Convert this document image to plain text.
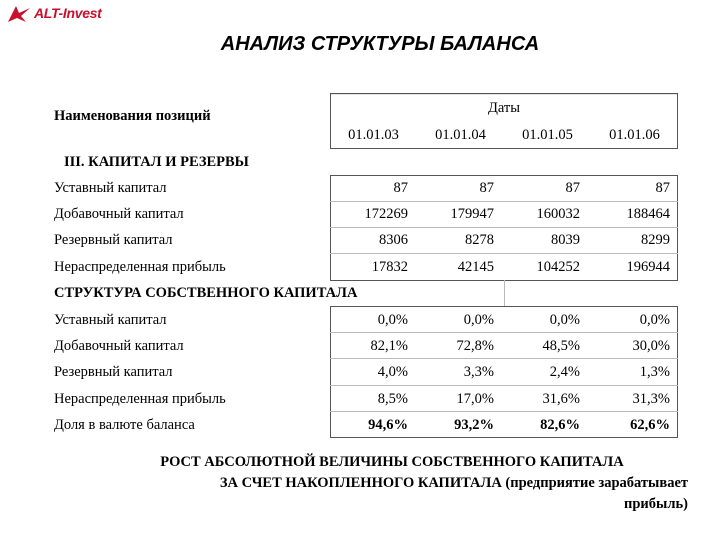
ALT-Invest
АНАЛИЗ СТРУКТУРЫ БАЛАНСА
Наименования позиций	Даты
01.01.03	01.01.04	01.01.05	01.01.06
III. КАПИТАЛ И РЕЗЕРВЫ
Уставный капитал	87	87	87	87
Добавочный капитал	172269	179947	160032	188464
Резервный капитал	8306	8278	8039	8299
Нераспределенная прибыль	17832	42145	104252	196944
СТРУКТУРА СОБСТВЕННОГО КАПИТАЛА
Уставный капитал	0,0%	0,0%	0,0%	0,0%
Добавочный капитал	82,1%	72,8%	48,5%	30,0%
Резервный капитал	4,0%	3,3%	2,4%	1,3%
Нераспределенная прибыль	8,5%	17,0%	31,6%	31,3%
Доля в валюте баланса	94,6%	93,2%	82,6%	62,6%
РОСТ АБСОЛЮТНОЙ ВЕЛИЧИНЫ СОБСТВЕННОГО КАПИТАЛА
ЗА СЧЕТ НАКОПЛЕННОГО КАПИТАЛА (предприятие зарабатывает
прибыль)
